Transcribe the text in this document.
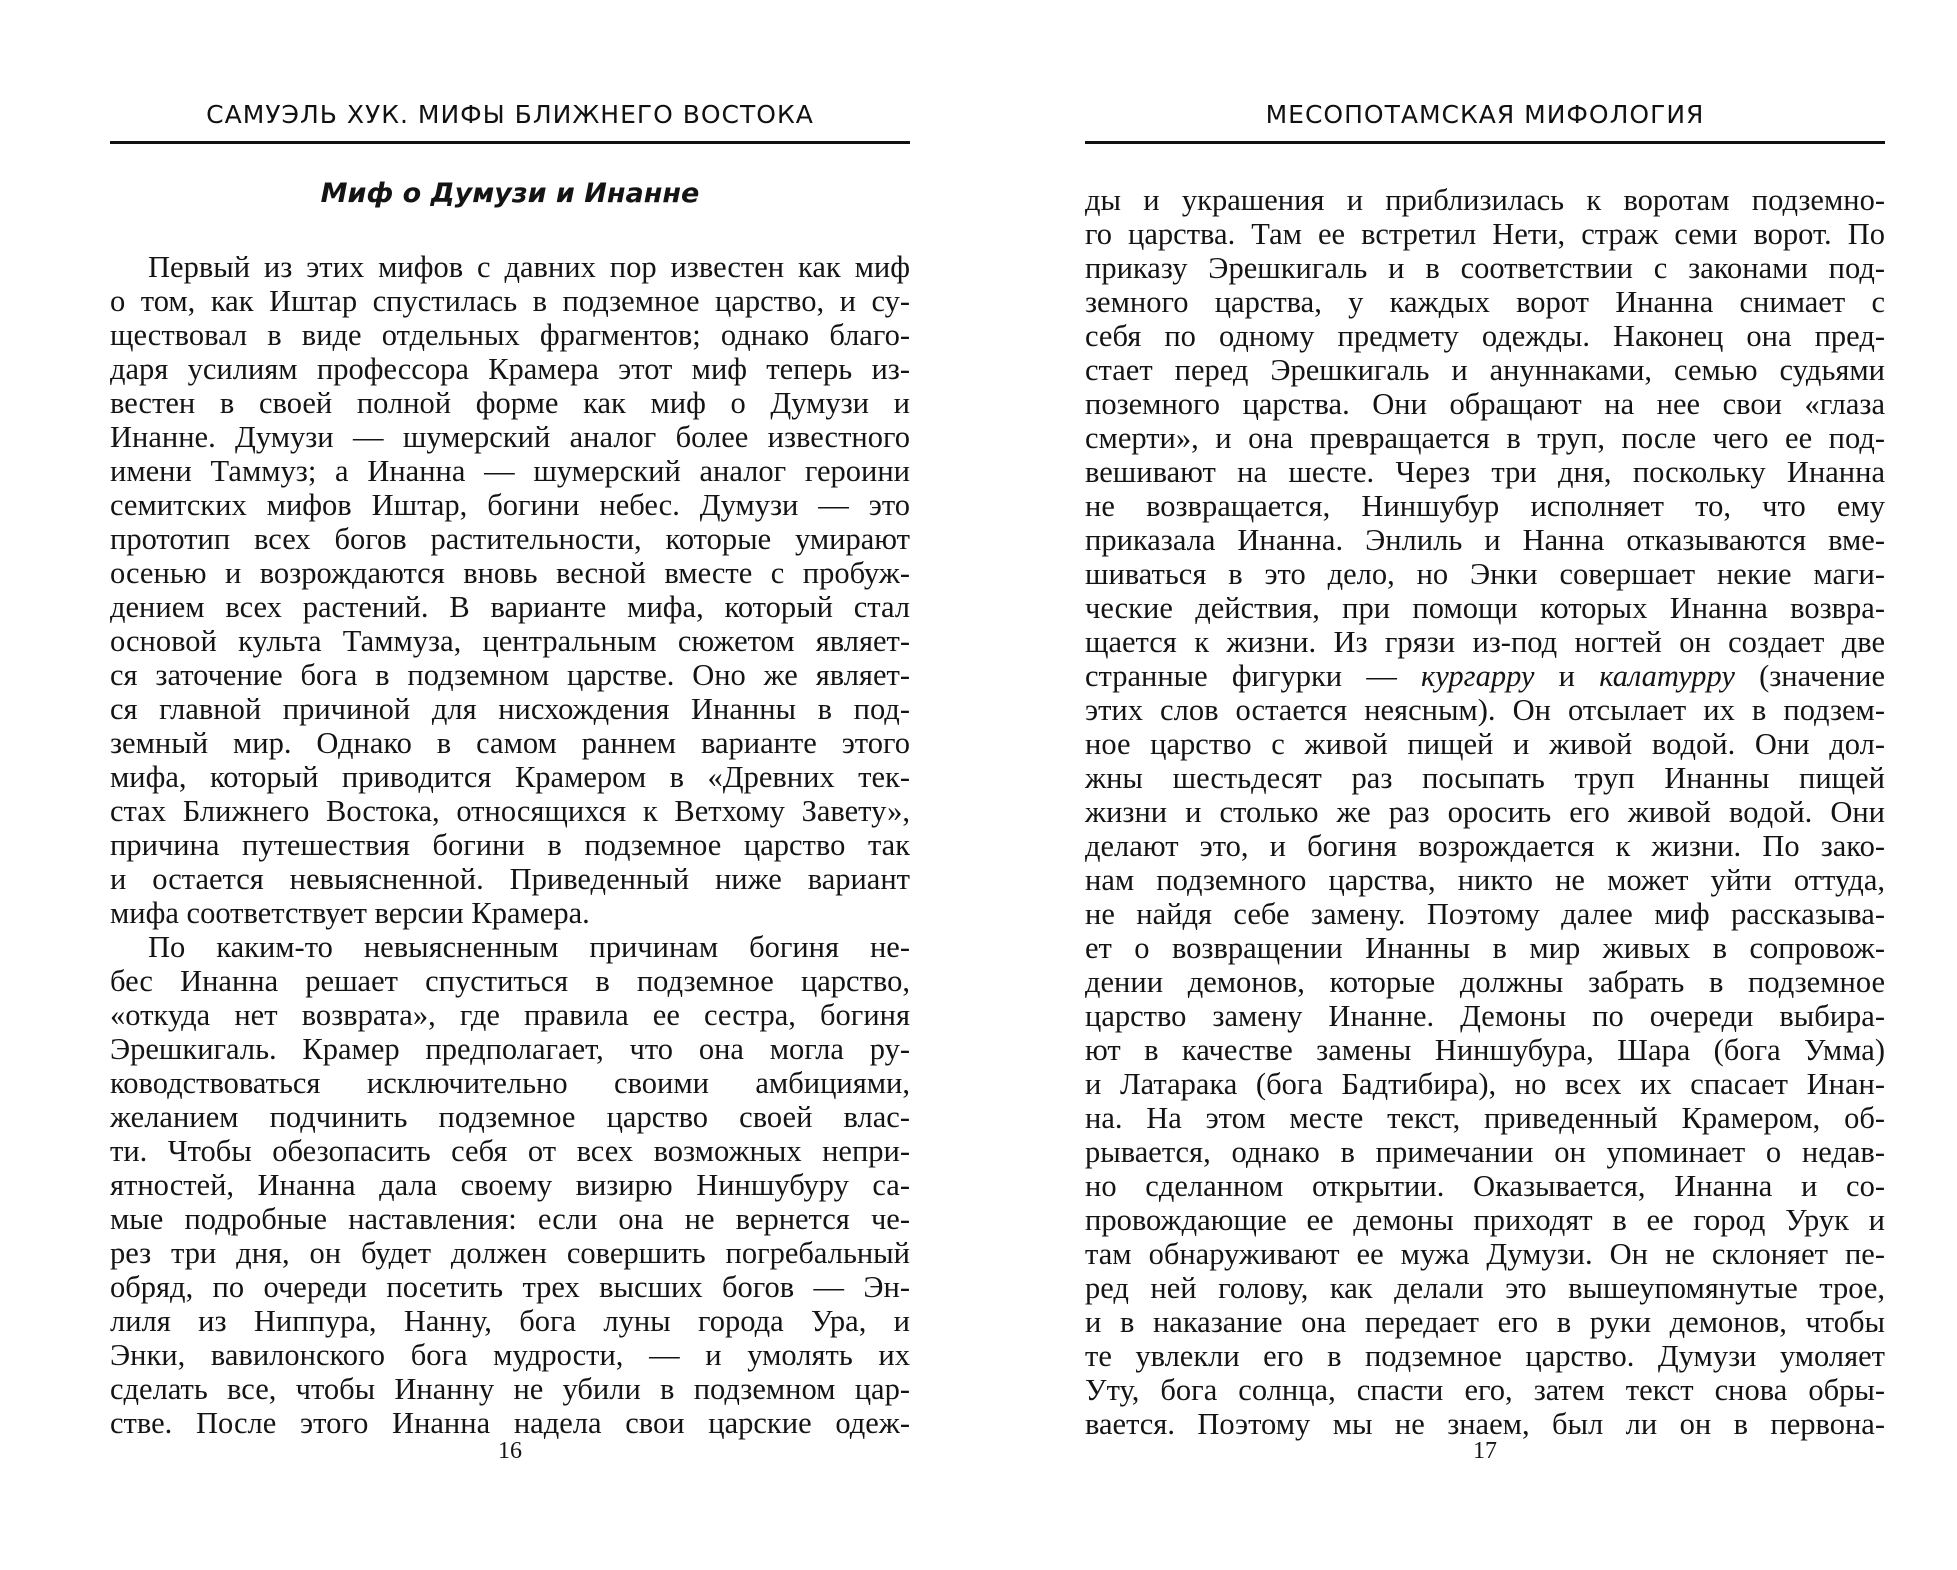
САМУЭЛЬ ХУК. МИФЫ БЛИЖНЕГО ВОСТОКА
Миф о Думузи и Инанне
Первый из этих мифов с давних пор известен как миф
о том, как Иштар спустилась в подземное царство, и су-
ществовал в виде отдельных фрагментов; однако благо-
даря усилиям профессора Крамера этот миф теперь из-
вестен в своей полной форме как миф о Думузи и
Инанне. Думузи — шумерский аналог более известного
имени Таммуз; а Инанна — шумерский аналог героини
семитских мифов Иштар, богини небес. Думузи — это
прототип всех богов растительности, которые умирают
осенью и возрождаются вновь весной вместе с пробуж-
дением всех растений. В варианте мифа, который стал
основой культа Таммуза, центральным сюжетом являет-
ся заточение бога в подземном царстве. Оно же являет-
ся главной причиной для нисхождения Инанны в под-
земный мир. Однако в самом раннем варианте этого
мифа, который приводится Крамером в «Древних тек-
стах Ближнего Востока, относящихся к Ветхому Завету»,
причина путешествия богини в подземное царство так
и остается невыясненной. Приведенный ниже вариант
мифа соответствует версии Крамера.
По каким-то невыясненным причинам богиня не-
бес Инанна решает спуститься в подземное царство,
«откуда нет возврата», где правила ее сестра, богиня
Эрешкигаль. Крамер предполагает, что она могла ру-
ководствоваться исключительно своими амбициями,
желанием подчинить подземное царство своей влас-
ти. Чтобы обезопасить себя от всех возможных непри-
ятностей, Инанна дала своему визирю Ниншубуру са-
мые подробные наставления: если она не вернется че-
рез три дня, он будет должен совершить погребальный
обряд, по очереди посетить трех высших богов — Эн-
лиля из Ниппура, Нанну, бога луны города Ура, и
Энки, вавилонского бога мудрости, — и умолять их
сделать все, чтобы Инанну не убили в подземном цар-
стве. После этого Инанна надела свои царские одеж-
16
МЕСОПОТАМСКАЯ МИФОЛОГИЯ
ды и украшения и приблизилась к воротам подземно-
го царства. Там ее встретил Нети, страж семи ворот. По
приказу Эрешкигаль и в соответствии с законами под-
земного царства, у каждых ворот Инанна снимает с
себя по одному предмету одежды. Наконец она пред-
стает перед Эрешкигаль и ануннаками, семью судьями
поземного царства. Они обращают на нее свои «глаза
смерти», и она превращается в труп, после чего ее под-
вешивают на шесте. Через три дня, поскольку Инанна
не возвращается, Ниншубур исполняет то, что ему
приказала Инанна. Энлиль и Нанна отказываются вме-
шиваться в это дело, но Энки совершает некие маги-
ческие действия, при помощи которых Инанна возвра-
щается к жизни. Из грязи из-под ногтей он создает две
странные фигурки — кургарру и калатурру (значение
этих слов остается неясным). Он отсылает их в подзем-
ное царство с живой пищей и живой водой. Они дол-
жны шестьдесят раз посыпать труп Инанны пищей
жизни и столько же раз оросить его живой водой. Они
делают это, и богиня возрождается к жизни. По зако-
нам подземного царства, никто не может уйти оттуда,
не найдя себе замену. Поэтому далее миф рассказыва-
ет о возвращении Инанны в мир живых в сопровож-
дении демонов, которые должны забрать в подземное
царство замену Инанне. Демоны по очереди выбира-
ют в качестве замены Ниншубура, Шара (бога Умма)
и Латарака (бога Бадтибира), но всех их спасает Инан-
на. На этом месте текст, приведенный Крамером, об-
рывается, однако в примечании он упоминает о недав-
но сделанном открытии. Оказывается, Инанна и со-
провождающие ее демоны приходят в ее город Урук и
там обнаруживают ее мужа Думузи. Он не склоняет пе-
ред ней голову, как делали это вышеупомянутые трое,
и в наказание она передает его в руки демонов, чтобы
те увлекли его в подземное царство. Думузи умоляет
Уту, бога солнца, спасти его, затем текст снова обры-
вается. Поэтому мы не знаем, был ли он в первона-
17
